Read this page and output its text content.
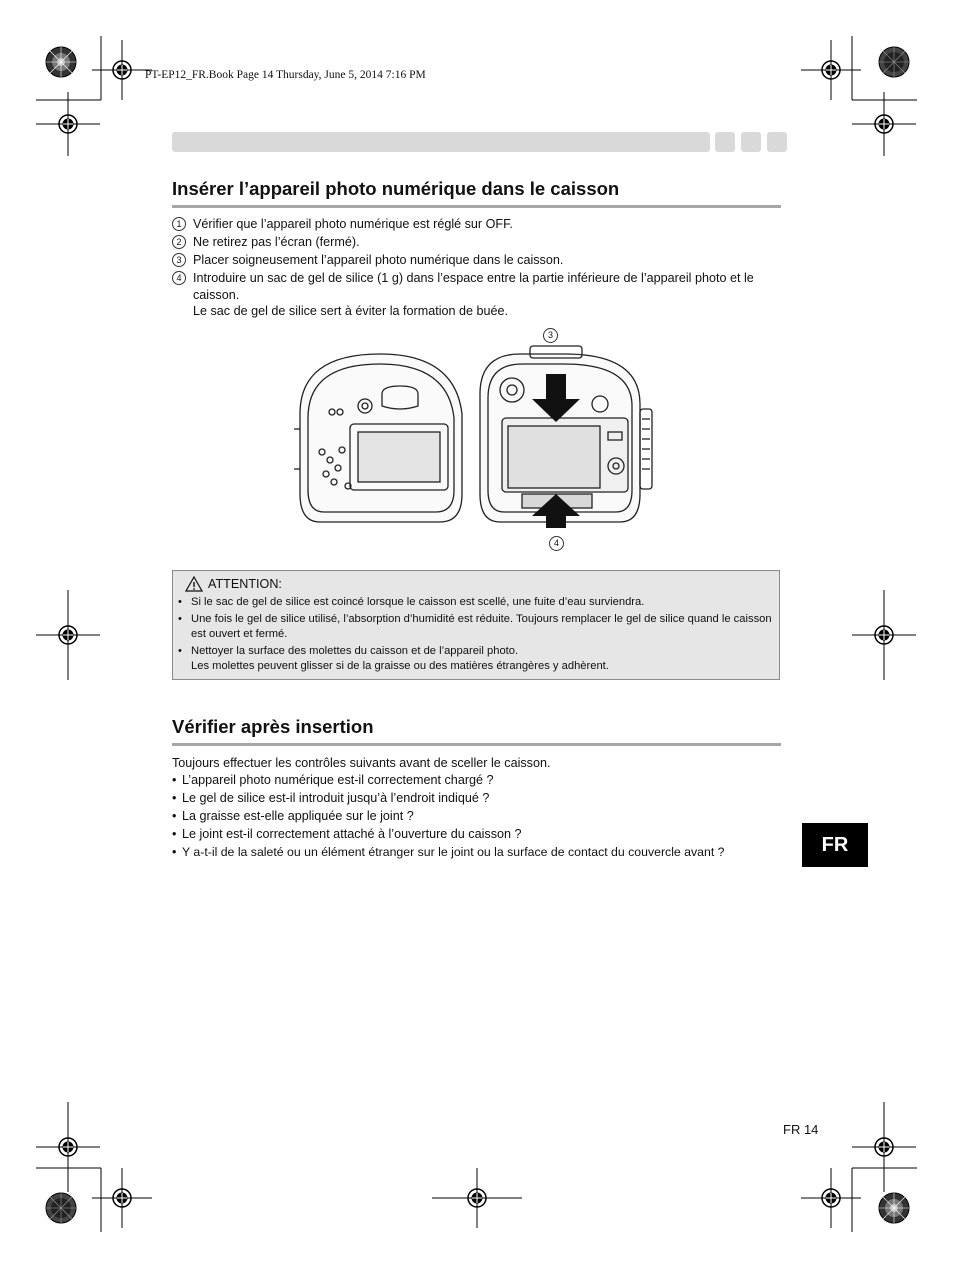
PT-EP12_FR.Book Page 14 Thursday, June 5, 2014 7:16 PM
Insérer l’appareil photo numérique dans le caisson
1 Vérifier que l’appareil photo numérique est réglé sur OFF.
2 Ne retirez pas l’écran (fermé).
3 Placer soigneusement l’appareil photo numérique dans le caisson.
4 Introduire un sac de gel de silice (1 g) dans l’espace entre la partie inférieure de l’appareil photo et le caisson.
Le sac de gel de silice sert à éviter la formation de buée.
3
4
ATTENTION:
• Si le sac de gel de silice est coincé lorsque le caisson est scellé, une fuite d’eau surviendra.
• Une fois le gel de silice utilisé, l’absorption d’humidité est réduite. Toujours remplacer le gel de silice quand le caisson est ouvert et fermé.
• Nettoyer la surface des molettes du caisson et de l’appareil photo.
Les molettes peuvent glisser si de la graisse ou des matières étrangères y adhèrent.
Vérifier après insertion
Toujours effectuer les contrôles suivants avant de sceller le caisson.
• L’appareil photo numérique est-il correctement chargé ?
• Le gel de silice est-il introduit jusqu’à l’endroit indiqué ?
• La graisse est-elle appliquée sur le joint ?
• Le joint est-il correctement attaché à l’ouverture du caisson ?
• Y a-t-il de la saleté ou un élément étranger sur le joint ou la surface de contact du couvercle avant ?	FR
FR 14
